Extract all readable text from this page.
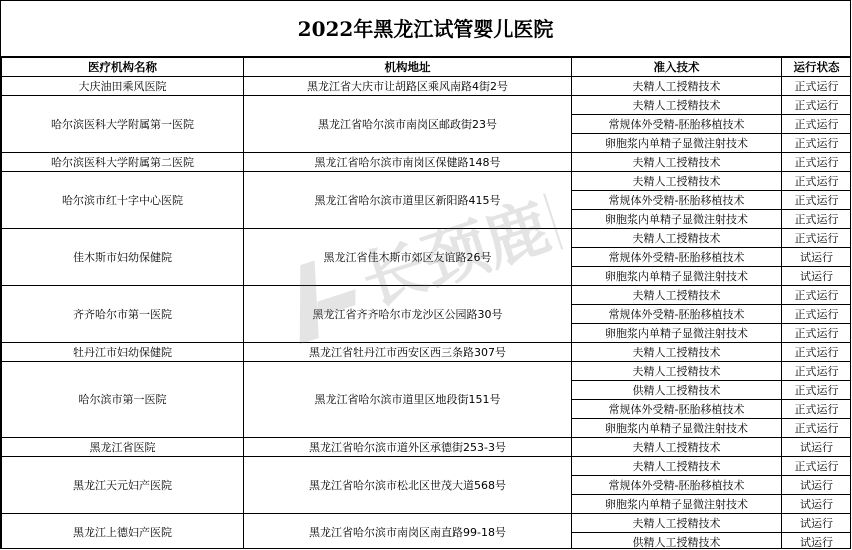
2022年黑龙江试管婴儿医院
医疗机构名称	机构地址	准入技术	运行状态
大庆油田乘风医院	黑龙江省大庆市让胡路区乘风南路4街2号	夫精人工授精技术	正式运行
哈尔滨医科大学附属第一医院	黑龙江省哈尔滨市南岗区邮政街23号	夫精人工授精技术	正式运行
		常规体外受精-胚胎移植技术	正式运行
		卵胞浆内单精子显微注射技术	正式运行
哈尔滨医科大学附属第二医院	黑龙江省哈尔滨市南岗区保健路148号	夫精人工授精技术	正式运行
哈尔滨市红十字中心医院	黑龙江省哈尔滨市道里区新阳路415号	夫精人工授精技术	正式运行
		常规体外受精-胚胎移植技术	正式运行
		卵胞浆内单精子显微注射技术	正式运行
佳木斯市妇幼保健院	黑龙江省佳木斯市郊区友谊路26号	夫精人工授精技术	正式运行
		常规体外受精-胚胎移植技术	试运行
		卵胞浆内单精子显微注射技术	试运行
齐齐哈尔市第一医院	黑龙江省齐齐哈尔市龙沙区公园路30号	夫精人工授精技术	正式运行
		常规体外受精-胚胎移植技术	正式运行
		卵胞浆内单精子显微注射技术	正式运行
牡丹江市妇幼保健院	黑龙江省牡丹江市西安区西三条路307号	夫精人工授精技术	正式运行
哈尔滨市第一医院	黑龙江省哈尔滨市道里区地段街151号	夫精人工授精技术	正式运行
		供精人工授精技术	正式运行
		常规体外受精-胚胎移植技术	正式运行
		卵胞浆内单精子显微注射技术	正式运行
黑龙江省医院	黑龙江省哈尔滨市道外区承德街253-3号	夫精人工授精技术	试运行
黑龙江天元妇产医院	黑龙江省哈尔滨市松北区世茂大道568号	夫精人工授精技术	正式运行
		常规体外受精-胚胎移植技术	试运行
		卵胞浆内单精子显微注射技术	试运行
黑龙江上德妇产医院	黑龙江省哈尔滨市南岗区南直路99-18号	夫精人工授精技术	试运行
		供精人工授精技术	试运行
长颈鹿网
